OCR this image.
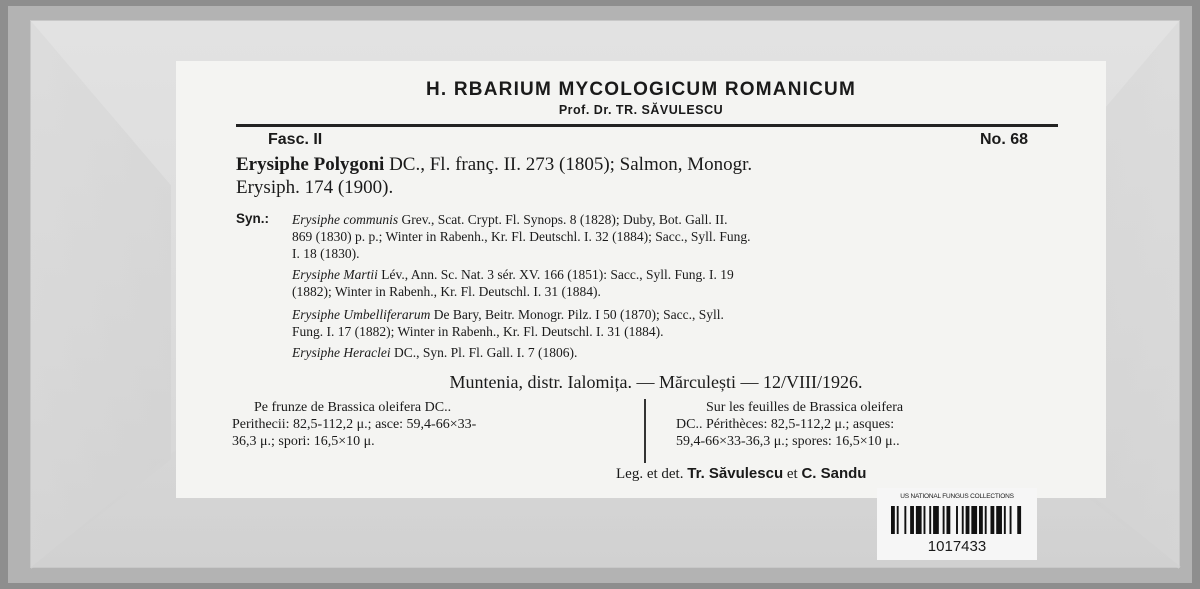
H. RBARIUM MYCOLOGICUM ROMANICUM
Prof. Dr. TR. SĂVULESCU
Fasc. II	No. 68
Erysiphe Polygoni DC., Fl. franç. II. 273 (1805); Salmon, Monogr.
Erysiph. 174 (1900).
Syn.: Erysiphe communis Grev., Scat. Crypt. Fl. Synops. 8 (1828); Duby, Bot. Gall. II.
869 (1830) p. p.; Winter in Rabenh., Kr. Fl. Deutschl. I. 32 (1884); Sacc., Syll. Fung.
I. 18 (1830).
Erysiphe Martii Lév., Ann. Sc. Nat. 3 sér. XV. 166 (1851): Sacc., Syll. Fung. I. 19
(1882); Winter in Rabenh., Kr. Fl. Deutschl. I. 31 (1884).
Erysiphe Umbelliferarum De Bary, Beitr. Monogr. Pilz. I 50 (1870); Sacc., Syll.
Fung. I. 17 (1882); Winter in Rabenh., Kr. Fl. Deutschl. I. 31 (1884).
Erysiphe Heraclei DC., Syn. Pl. Fl. Gall. I. 7 (1806).
Muntenia, distr. Ialomița. — Mărculești — 12/VIII/1926.
Pe frunze de Brassica oleifera DC..
Perithecii: 82,5-112,2 μ.; asce: 59,4-66×33-
36,3 μ.; spori: 16,5×10 μ.
Sur les feuilles de Brassica oleifera
DC.. Périthèces: 82,5-112,2 μ.; asques:
59,4-66×33-36,3 μ.; spores: 16,5×10 μ..
Leg. et det. Tr. Săvulescu et C. Sandu
US NATIONAL FUNGUS COLLECTIONS
1017433
